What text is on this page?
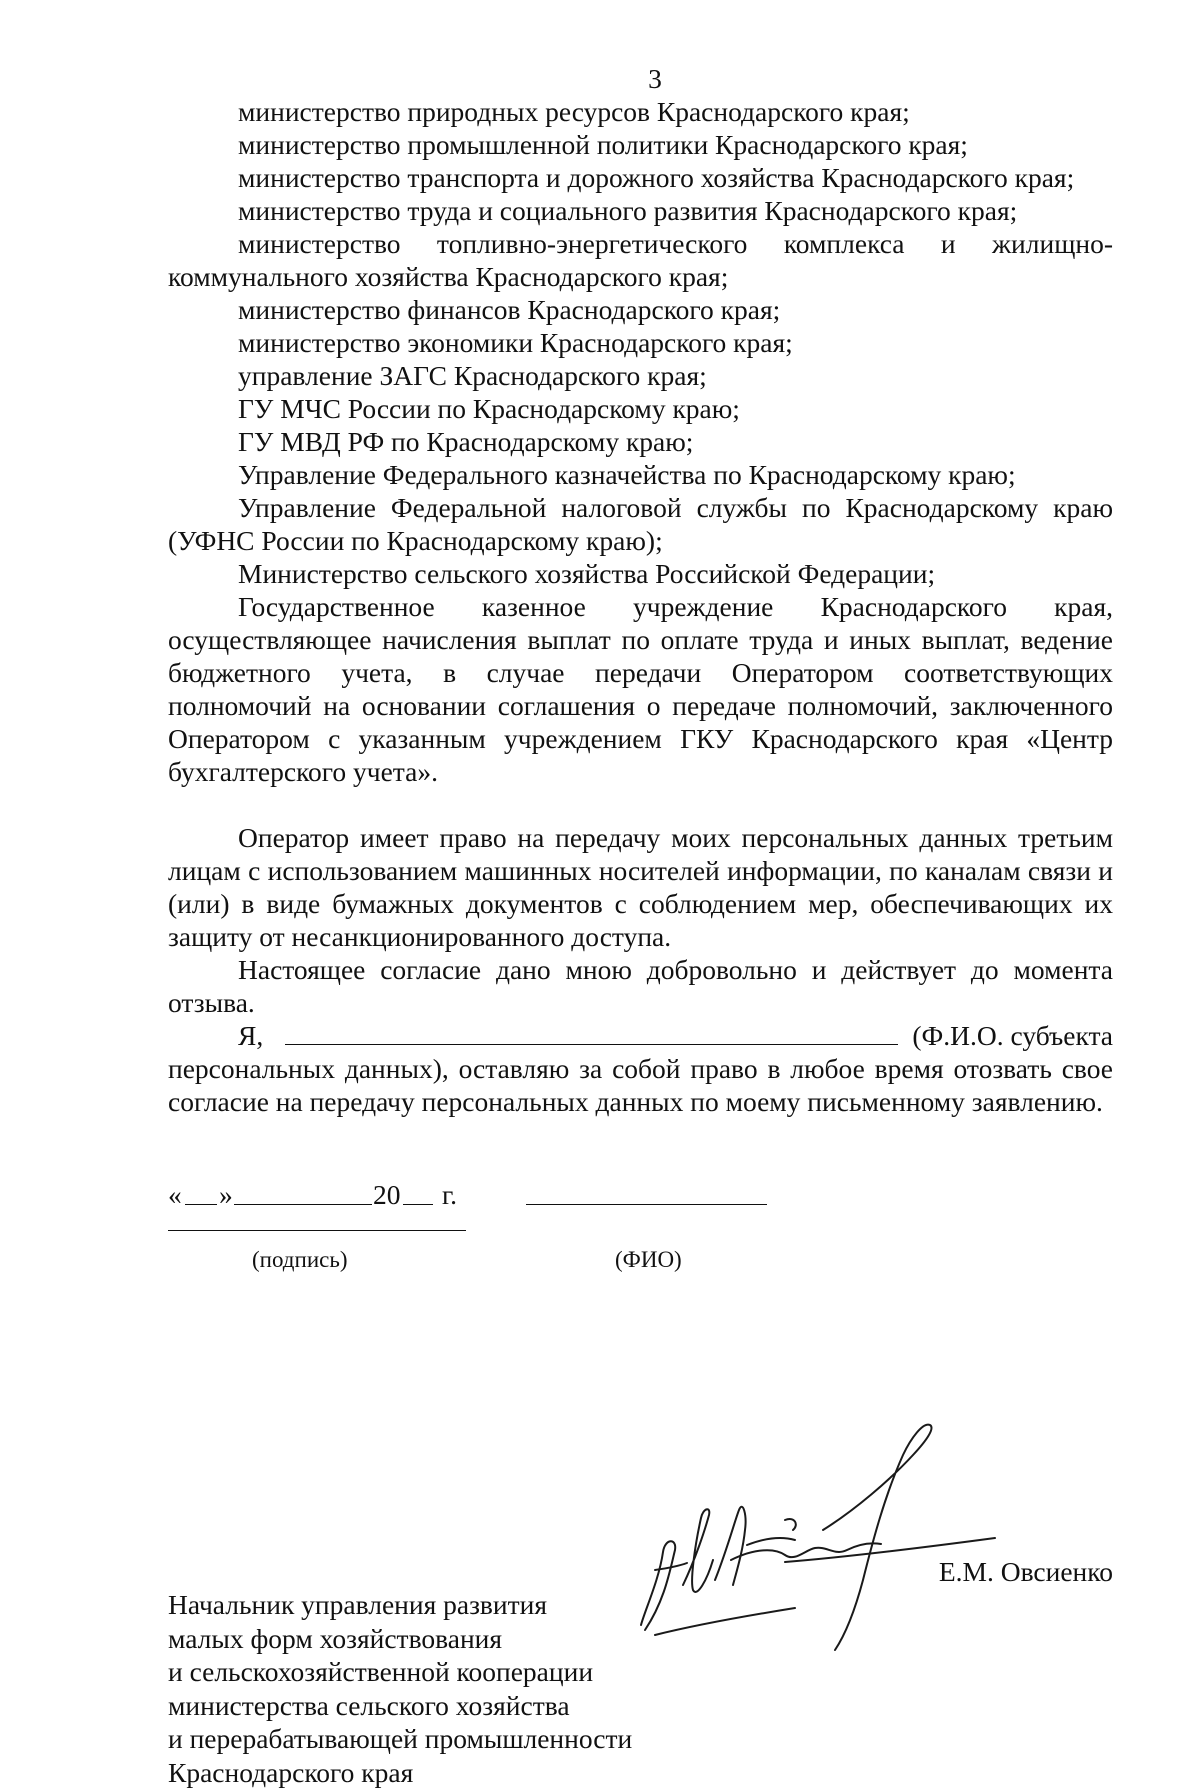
3

министерство природных ресурсов Краснодарского края;

министерство промышленной политики Краснодарского края;

министерство транспорта и дорожного хозяйства Краснодарского края;

министерство труда и социального развития Краснодарского края;

министерство топливно-энергетического комплекса и жилищно-коммунального хозяйства Краснодарского края;

министерство финансов Краснодарского края;

министерство экономики Краснодарского края;

управление ЗАГС Краснодарского края;

ГУ МЧС России по Краснодарскому краю;

ГУ МВД РФ по Краснодарскому краю;

Управление Федерального казначейства по Краснодарскому краю;

Управление Федеральной налоговой службы по Краснодарскому краю (УФНС России по Краснодарскому краю);

Министерство сельского хозяйства Российской Федерации;

Государственное казенное учреждение Краснодарского края, осуществляющее начисления выплат по оплате труда и иных выплат, ведение бюджетного учета, в случае передачи Оператором соответствующих полномочий на основании соглашения о передаче полномочий, заключенного Оператором с указанным учреждением ГКУ Краснодарского края «Центр бухгалтерского учета».

Оператор имеет право на передачу моих персональных данных третьим лицам с использованием машинных носителей информации, по каналам связи и (или) в виде бумажных документов с соблюдением мер, обеспечивающих их защиту от несанкционированного доступа.

Настоящее согласие дано мною добровольно и действует до момента отзыва.

Я,	(Ф.И.О. субъекта

персональных данных), оставляю за собой право в любое время отозвать свое согласие на передачу персональных данных по моему письменному заявлению.

« »	20 г.
(подпись)	(ФИО)

Начальник управления развития

малых форм хозяйствования

и сельскохозяйственной кооперации

министерства сельского хозяйства

и перерабатывающей промышленности

Краснодарского края

Е.М. Овсиенко
